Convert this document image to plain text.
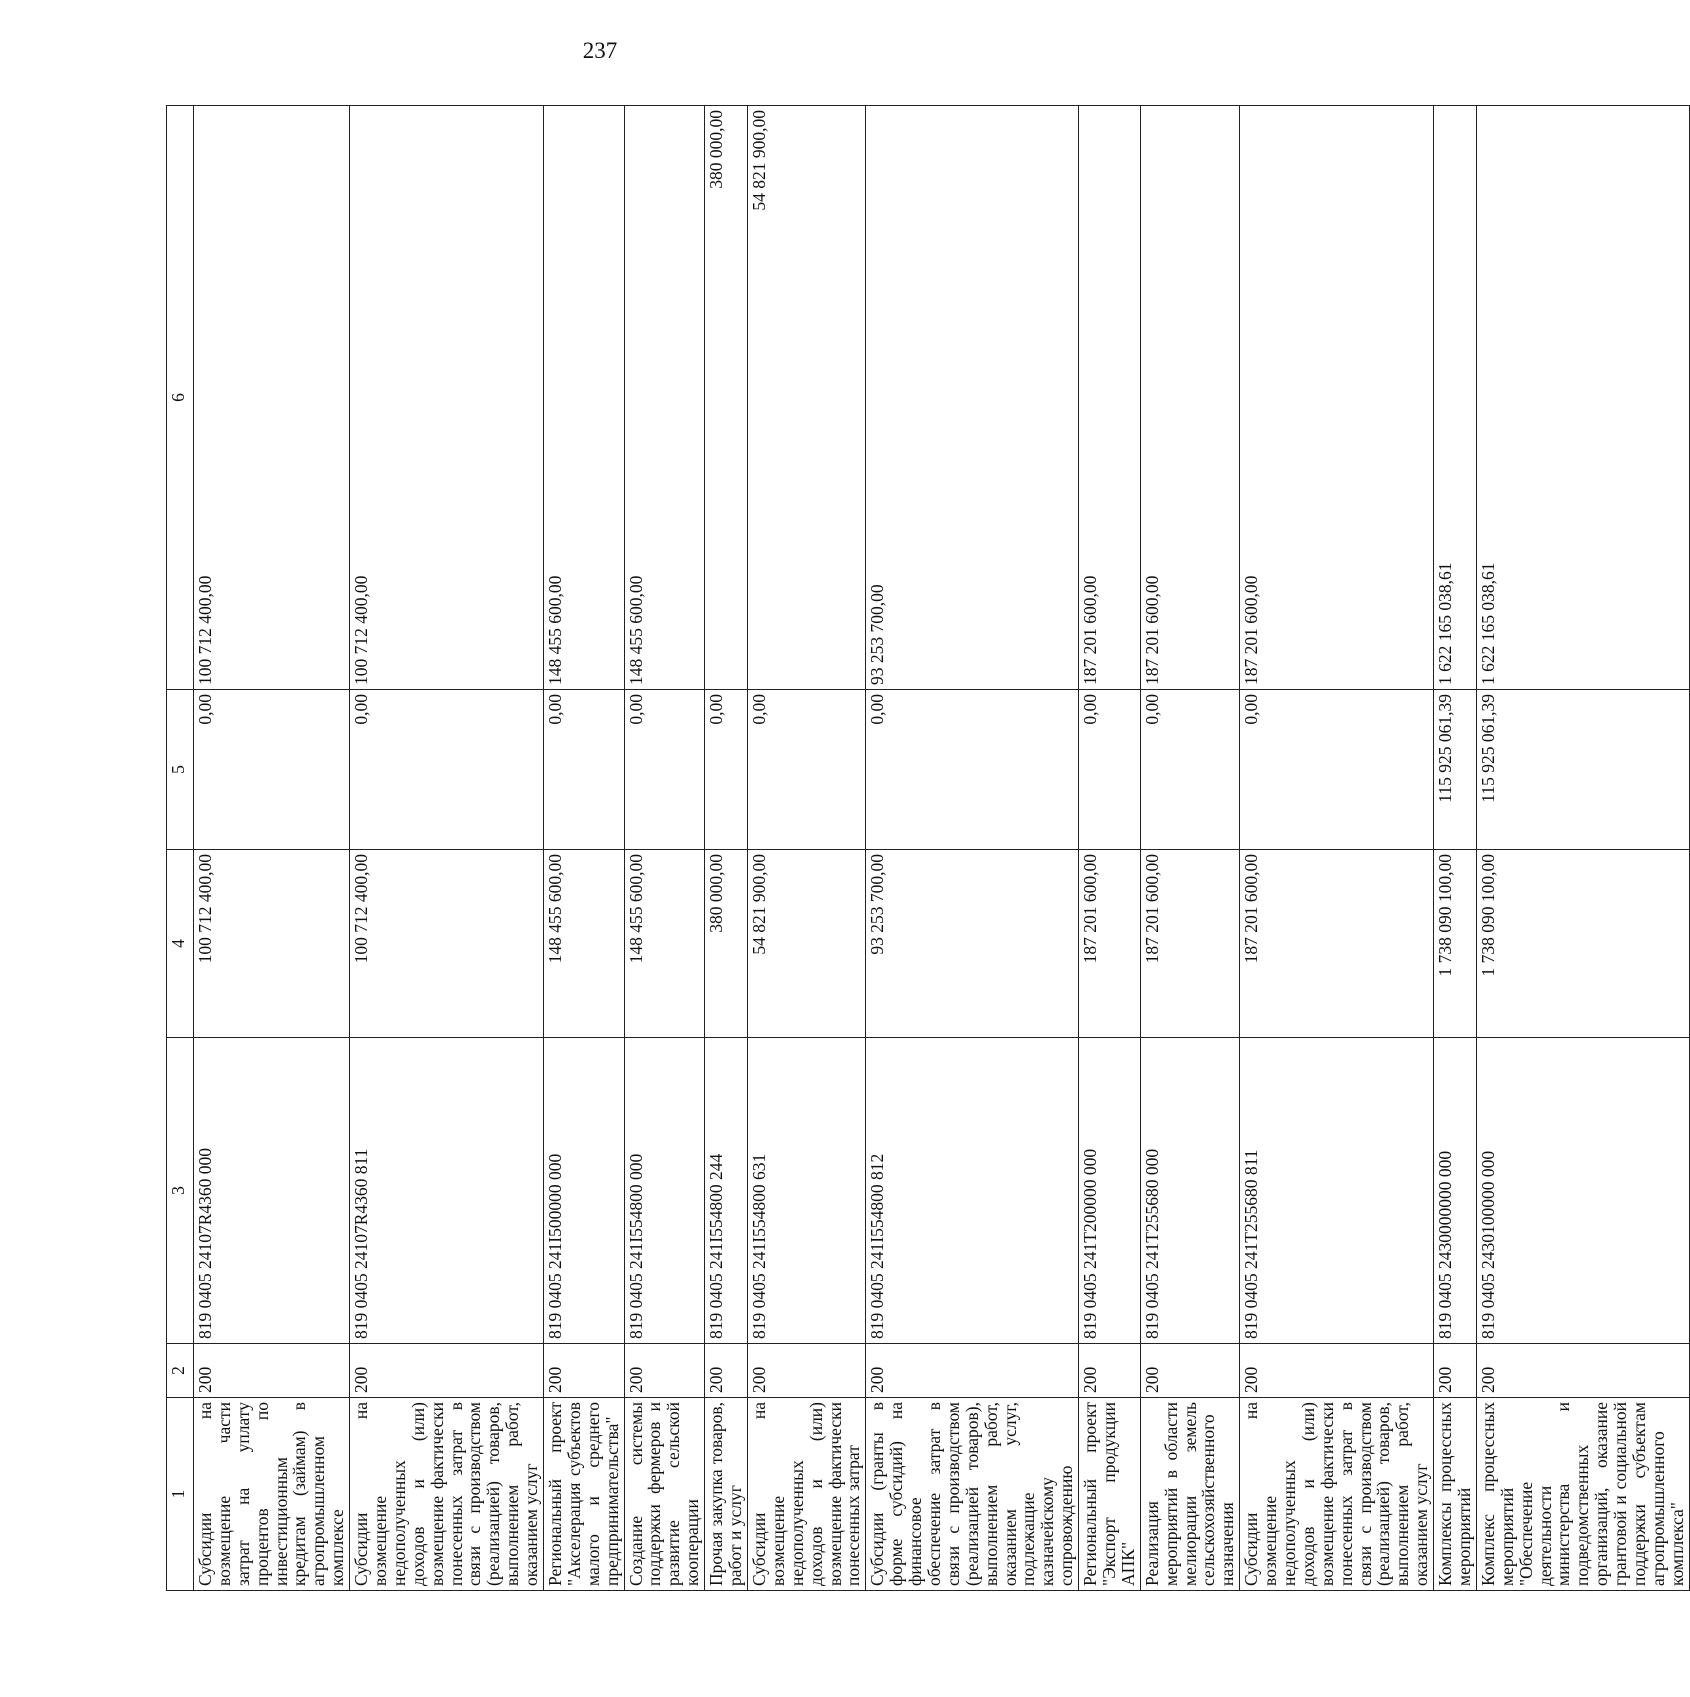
237
1	2	3	4	5	6
Субсидии на возмещение части затрат на уплату процентов по инвестиционным кредитам (займам) в агропромышленном комплексе	200	819 0405 24107R4360 000	100 712 400,00	0,00	100 712 400,00
Субсидии на возмещение недополученных доходов и (или) возмещение фактически понесенных затрат в связи с производством (реализацией) товаров, выполнением работ, оказанием услуг	200	819 0405 24107R4360 811	100 712 400,00	0,00	100 712 400,00
Региональный проект "Акселерация субъектов малого и среднего предпринимательства"	200	819 0405 241I500000 000	148 455 600,00	0,00	148 455 600,00
Создание системы поддержки фермеров и развитие сельской кооперации	200	819 0405 241I554800 000	148 455 600,00	0,00	148 455 600,00
Прочая закупка товаров, работ и услуг	200	819 0405 241I554800 244	380 000,00	0,00	380 000,00
Субсидии на возмещение недополученных доходов и (или) возмещение фактически понесенных затрат	200	819 0405 241I554800 631	54 821 900,00	0,00	54 821 900,00
Субсидии (гранты в форме субсидий) на финансовое обеспечение затрат в связи с производством (реализацией товаров), выполнением работ, оказанием услуг, подлежащие казначейскому сопровождению	200	819 0405 241I554800 812	93 253 700,00	0,00	93 253 700,00
Региональный проект "Экспорт продукции АПК"	200	819 0405 241T200000 000	187 201 600,00	0,00	187 201 600,00
Реализация мероприятий в области мелиорации земель сельскохозяйственного назначения	200	819 0405 241T255680 000	187 201 600,00	0,00	187 201 600,00
Субсидии на возмещение недополученных доходов и (или) возмещение фактически понесенных затрат в связи с производством (реализацией) товаров, выполнением работ, оказанием услуг	200	819 0405 241T255680 811	187 201 600,00	0,00	187 201 600,00
Комплексы процессных мероприятий	200	819 0405 2430000000 000	1 738 090 100,00	115 925 061,39	1 622 165 038,61
Комплекс процессных мероприятий "Обеспечение деятельности министерства и подведомственных организаций, оказание грантовой и социальной поддержки субъектам агропромышленного комплекса"	200	819 0405 2430100000 000	1 738 090 100,00	115 925 061,39	1 622 165 038,61
